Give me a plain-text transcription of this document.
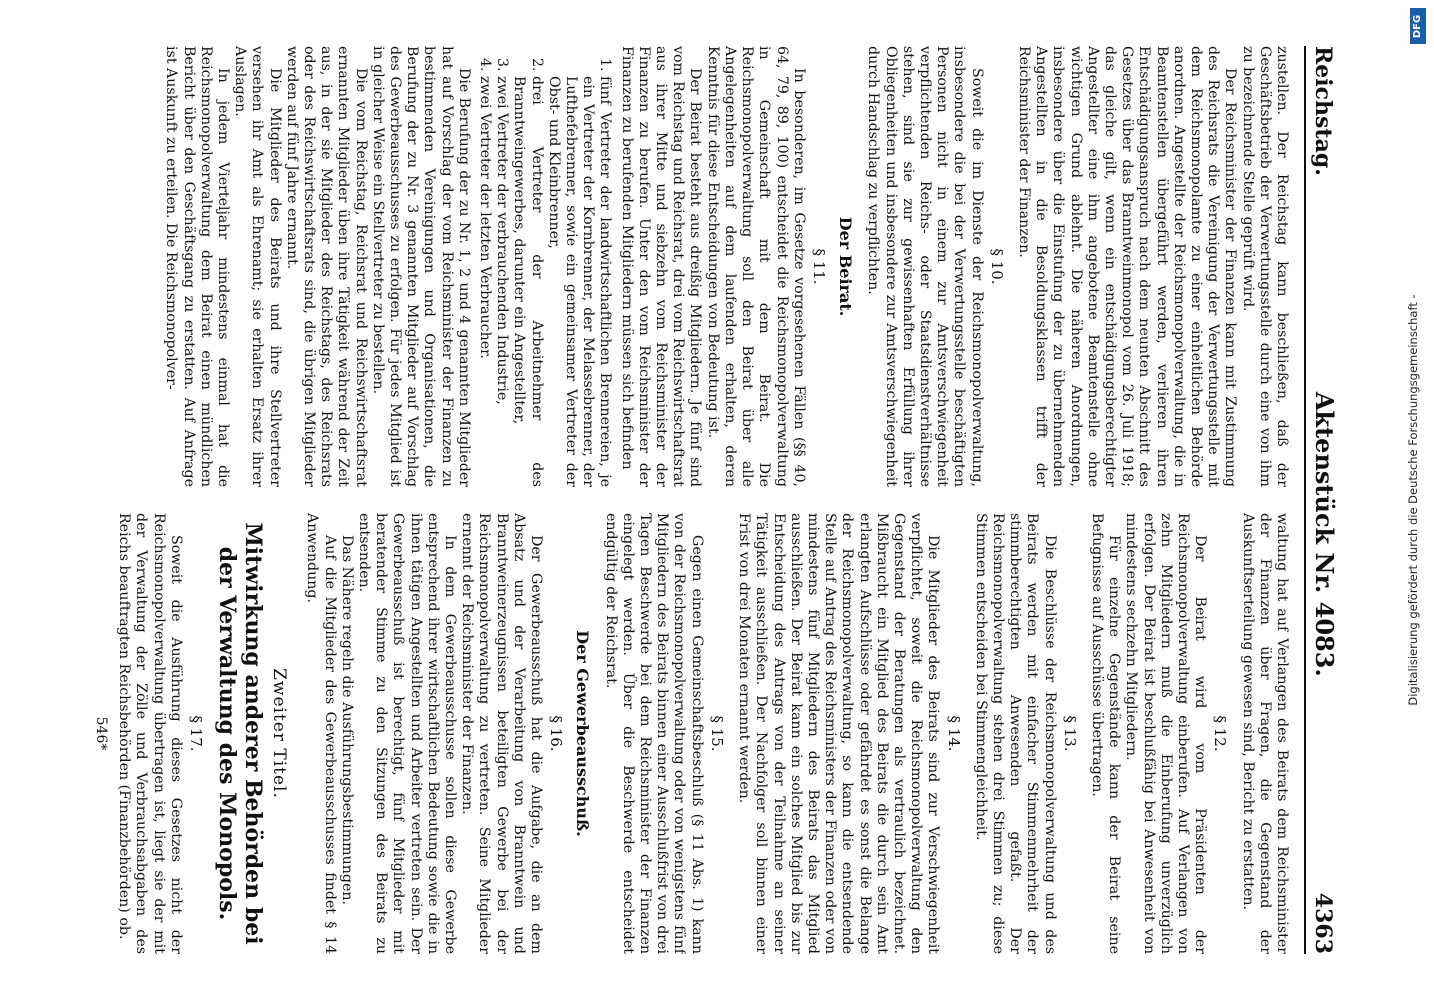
Reichstag.
Aktenstück Nr. 4083.
4363

zustellen. Der Reichstag kann beschließen, daß der Geschäftsbetrieb der Verwertungsstelle durch eine von ihm zu bezeichnende Stelle geprüft wird.

Der Reichsminister der Finanzen kann mit Zustimmung des Reichsrats die Vereinigung der Verwertungsstelle mit dem Reichsmonopolamte zu einer einheitlichen Behörde anordnen. Angestellte der Reichsmonopolverwaltung, die in Beamtenstellen übergeführt werden, verlieren ihren Entschädigungsanspruch nach dem neunten Abschnitt des Gesetzes über das Branntweinmonopol vom 26. Juli 1918; das gleiche gilt, wenn ein entschädigungsberechtigter Angestellter eine ihm angebotene Beamtenstelle ohne wichtigen Grund ablehnt. Die näheren Anordnungen, insbesondere über die Einstufung der zu übernehmenden Angestellten in die Besoldungsklassen trifft der Reichsminister der Finanzen.

§ 10.

Soweit die im Dienste der Reichsmonopolverwaltung, insbesondere die bei der Verwertungsstelle beschäftigten Personen nicht in einem zur Amtsverschwiegenheit verpflichtenden Reichs- oder Staatsdienstverhältnisse stehen, sind sie zur gewissenhaften Erfüllung ihrer Obliegenheiten und insbesondere zur Amtsverschwiegenheit durch Handschlag zu verpflichten.

Der Beirat.
§ 11.

In besonderen, im Gesetze vorgesehenen Fällen (§§ 40, 64, 79, 89, 100) entscheidet die Reichsmonopolverwaltung in Gemeinschaft mit dem Beirat. Die Reichsmonopolverwaltung soll den Beirat über alle Angelegenheiten auf dem laufenden erhalten, deren Kenntnis für diese Entscheidungen von Bedeutung ist.

Der Beirat besteht aus dreißig Mitgliedern. Je fünf sind vom Reichstag und Reichsrat, drei vom Reichswirtschaftsrat aus ihrer Mitte und siebzehn vom Reichsminister der Finanzen zu berufen. Unter den vom Reichsminister der Finanzen zu berufenden Mitgliedern müssen sich befinden

1. fünf Vertreter der landwirtschaftlichen Brennereien, je ein Vertreter der Kornbrenner, der Melassebrenner, der Lufthefebrenner, sowie ein gemeinsamer Vertreter der Obst- und Kleinbrenner,
2. drei Vertreter der Arbeitnehmer des Branntweingewerbes, darunter ein Angestellter,
3. zwei Vertreter der verbrauchenden Industrie,
4. zwei Vertreter der letzten Verbraucher.

Die Berufung der zu Nr. 1, 2 und 4 genannten Mitglieder hat auf Vorschlag der vom Reichsminister der Finanzen zu bestimmenden Vereinigungen und Organisationen, die Berufung der zu Nr. 3 genannten Mitglieder auf Vorschlag des Gewerbeausschusses zu erfolgen. Für jedes Mitglied ist in gleicher Weise ein Stellvertreter zu bestellen.

Die vom Reichstag, Reichsrat und Reichswirtschaftsrat ernannten Mitglieder üben ihre Tätigkeit während der Zeit aus, in der sie Mitglieder des Reichstags, des Reichsrats oder des Reichswirtschaftsrats sind, die übrigen Mitglieder werden auf fünf Jahre ernannt.

Die Mitglieder des Beirats und ihre Stellvertreter versehen ihr Amt als Ehrenamt; sie erhalten Ersatz ihrer Auslagen.

In jedem Vierteljahr mindestens einmal hat die Reichsmonopolverwaltung dem Beirat einen mündlichen Bericht über den Geschäftsgang zu erstatten. Auf Anfrage ist Auskunft zu erteilen. Die Reichsmonopolver-

waltung hat auf Verlangen des Beirats dem Reichsminister der Finanzen über Fragen, die Gegenstand der Auskunftserteilung gewesen sind, Bericht zu erstatten.

§ 12.

Der Beirat wird vom Präsidenten der Reichsmonopolverwaltung einberufen. Auf Verlangen von zehn Mitgliedern muß die Einberufung unverzüglich erfolgen. Der Beirat ist beschlußfähig bei Anwesenheit von mindestens sechzehn Mitgliedern.

Für einzelne Gegenstände kann der Beirat seine Befugnisse auf Ausschüsse übertragen.

§ 13.

Die Beschlüsse der Reichsmonopolverwaltung und des Beirats werden mit einfacher Stimmenmehrheit der stimmberechtigten Anwesenden gefaßt. Der Reichsmonopolverwaltung stehen drei Stimmen zu; diese Stimmen entscheiden bei Stimmengleichheit.

§ 14.

Die Mitglieder des Beirats sind zur Verschwiegenheit verpflichtet, soweit die Reichsmonopolverwaltung den Gegenstand der Beratungen als vertraulich bezeichnet. Mißbraucht ein Mitglied des Beirats die durch sein Amt erlangten Aufschlüsse oder gefährdet es sonst die Belange der Reichsmonopolverwaltung, so kann die entsendende Stelle auf Antrag des Reichsministers der Finanzen oder von mindestens fünf Mitgliedern des Beirats das Mitglied ausschließen. Der Beirat kann ein solches Mitglied bis zur Entscheidung des Antrags von der Teilnahme an seiner Tätigkeit ausschließen. Der Nachfolger soll binnen einer Frist von drei Monaten ernannt werden.

§ 15.

Gegen einen Gemeinschaftsbeschluß (§ 11 Abs. 1) kann von der Reichsmonopolverwaltung oder von wenigstens fünf Mitgliedern des Beirats binnen einer Ausschlußfrist von drei Tagen Beschwerde bei dem Reichsminister der Finanzen eingelegt werden. Über die Beschwerde entscheidet endgültig der Reichsrat.

Der Gewerbeausschuß.
§ 16.

Der Gewerbeausschuß hat die Aufgabe, die an dem Absatz und der Verarbeitung von Branntwein und Branntweinerzeugnissen beteiligten Gewerbe bei der Reichsmonopolverwaltung zu vertreten. Seine Mitglieder ernennt der Reichsminister der Finanzen.

In dem Gewerbeausschusse sollen diese Gewerbe entsprechend ihrer wirtschaftlichen Bedeutung sowie die in ihnen tätigen Angestellten und Arbeiter vertreten sein. Der Gewerbeausschuß ist berechtigt, fünf Mitglieder mit beratender Stimme zu den Sitzungen des Beirats zu entsenden.

Das Nähere regeln die Ausführungsbestimmungen.

Auf die Mitglieder des Gewerbeausschusses findet § 14 Anwendung.

Zweiter Titel.
Mitwirkung anderer Behörden bei der Verwaltung des Monopols.
§ 17.

Soweit die Ausführung dieses Gesetzes nicht der Reichsmonopolverwaltung übertragen ist, liegt sie der mit der Verwaltung der Zölle und Verbrauchsabgaben des Reichs beauftragten Reichsbehörden (Finanzbehörden) ob.

546*
Digitalisierung gefördert durch die Deutsche Forschungsgemeinschaft -
DFG
